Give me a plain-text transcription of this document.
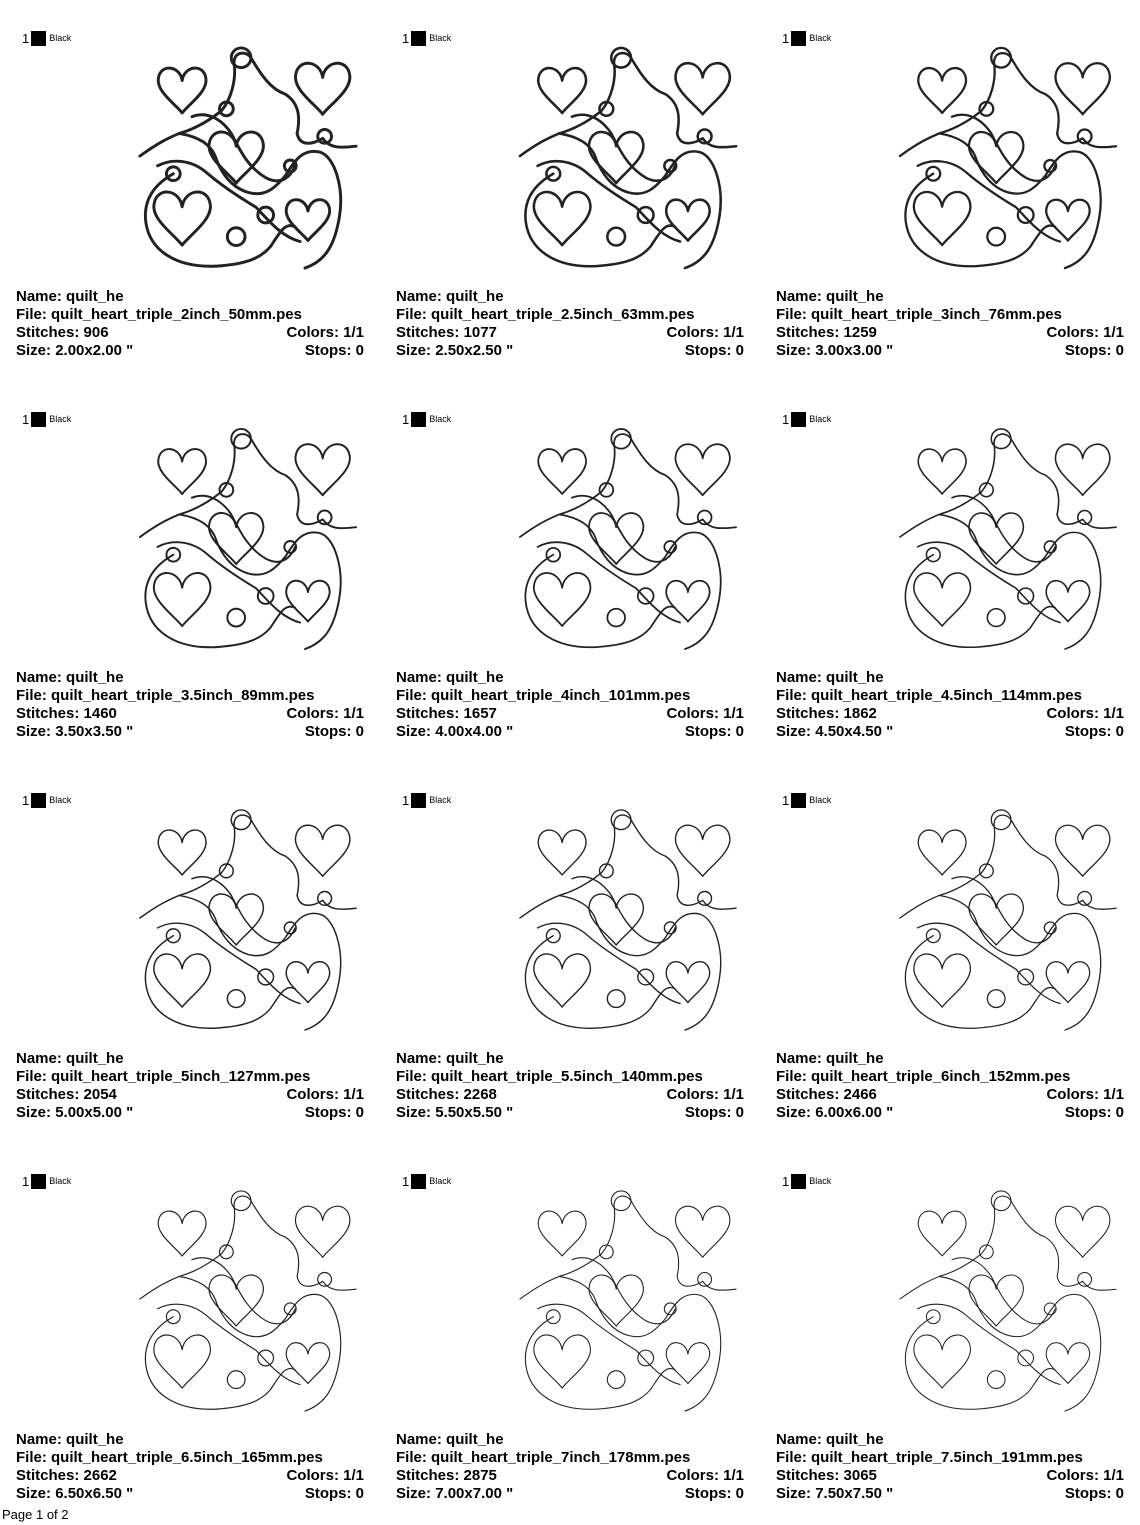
1 Black
Name: quilt_he
File: quilt_heart_triple_2inch_50mm.pes
Stitches: 906	Colors: 1/1
Size: 2.00x2.00 "	Stops: 0
1 Black
Name: quilt_he
File: quilt_heart_triple_2.5inch_63mm.pes
Stitches: 1077	Colors: 1/1
Size: 2.50x2.50 "	Stops: 0
1 Black
Name: quilt_he
File: quilt_heart_triple_3inch_76mm.pes
Stitches: 1259	Colors: 1/1
Size: 3.00x3.00 "	Stops: 0
1 Black
Name: quilt_he
File: quilt_heart_triple_3.5inch_89mm.pes
Stitches: 1460	Colors: 1/1
Size: 3.50x3.50 "	Stops: 0
1 Black
Name: quilt_he
File: quilt_heart_triple_4inch_101mm.pes
Stitches: 1657	Colors: 1/1
Size: 4.00x4.00 "	Stops: 0
1 Black
Name: quilt_he
File: quilt_heart_triple_4.5inch_114mm.pes
Stitches: 1862	Colors: 1/1
Size: 4.50x4.50 "	Stops: 0
1 Black
Name: quilt_he
File: quilt_heart_triple_5inch_127mm.pes
Stitches: 2054	Colors: 1/1
Size: 5.00x5.00 "	Stops: 0
1 Black
Name: quilt_he
File: quilt_heart_triple_5.5inch_140mm.pes
Stitches: 2268	Colors: 1/1
Size: 5.50x5.50 "	Stops: 0
1 Black
Name: quilt_he
File: quilt_heart_triple_6inch_152mm.pes
Stitches: 2466	Colors: 1/1
Size: 6.00x6.00 "	Stops: 0
1 Black
Name: quilt_he
File: quilt_heart_triple_6.5inch_165mm.pes
Stitches: 2662	Colors: 1/1
Size: 6.50x6.50 "	Stops: 0
1 Black
Name: quilt_he
File: quilt_heart_triple_7inch_178mm.pes
Stitches: 2875	Colors: 1/1
Size: 7.00x7.00 "	Stops: 0
1 Black
Name: quilt_he
File: quilt_heart_triple_7.5inch_191mm.pes
Stitches: 3065	Colors: 1/1
Size: 7.50x7.50 "	Stops: 0
Page 1 of 2
